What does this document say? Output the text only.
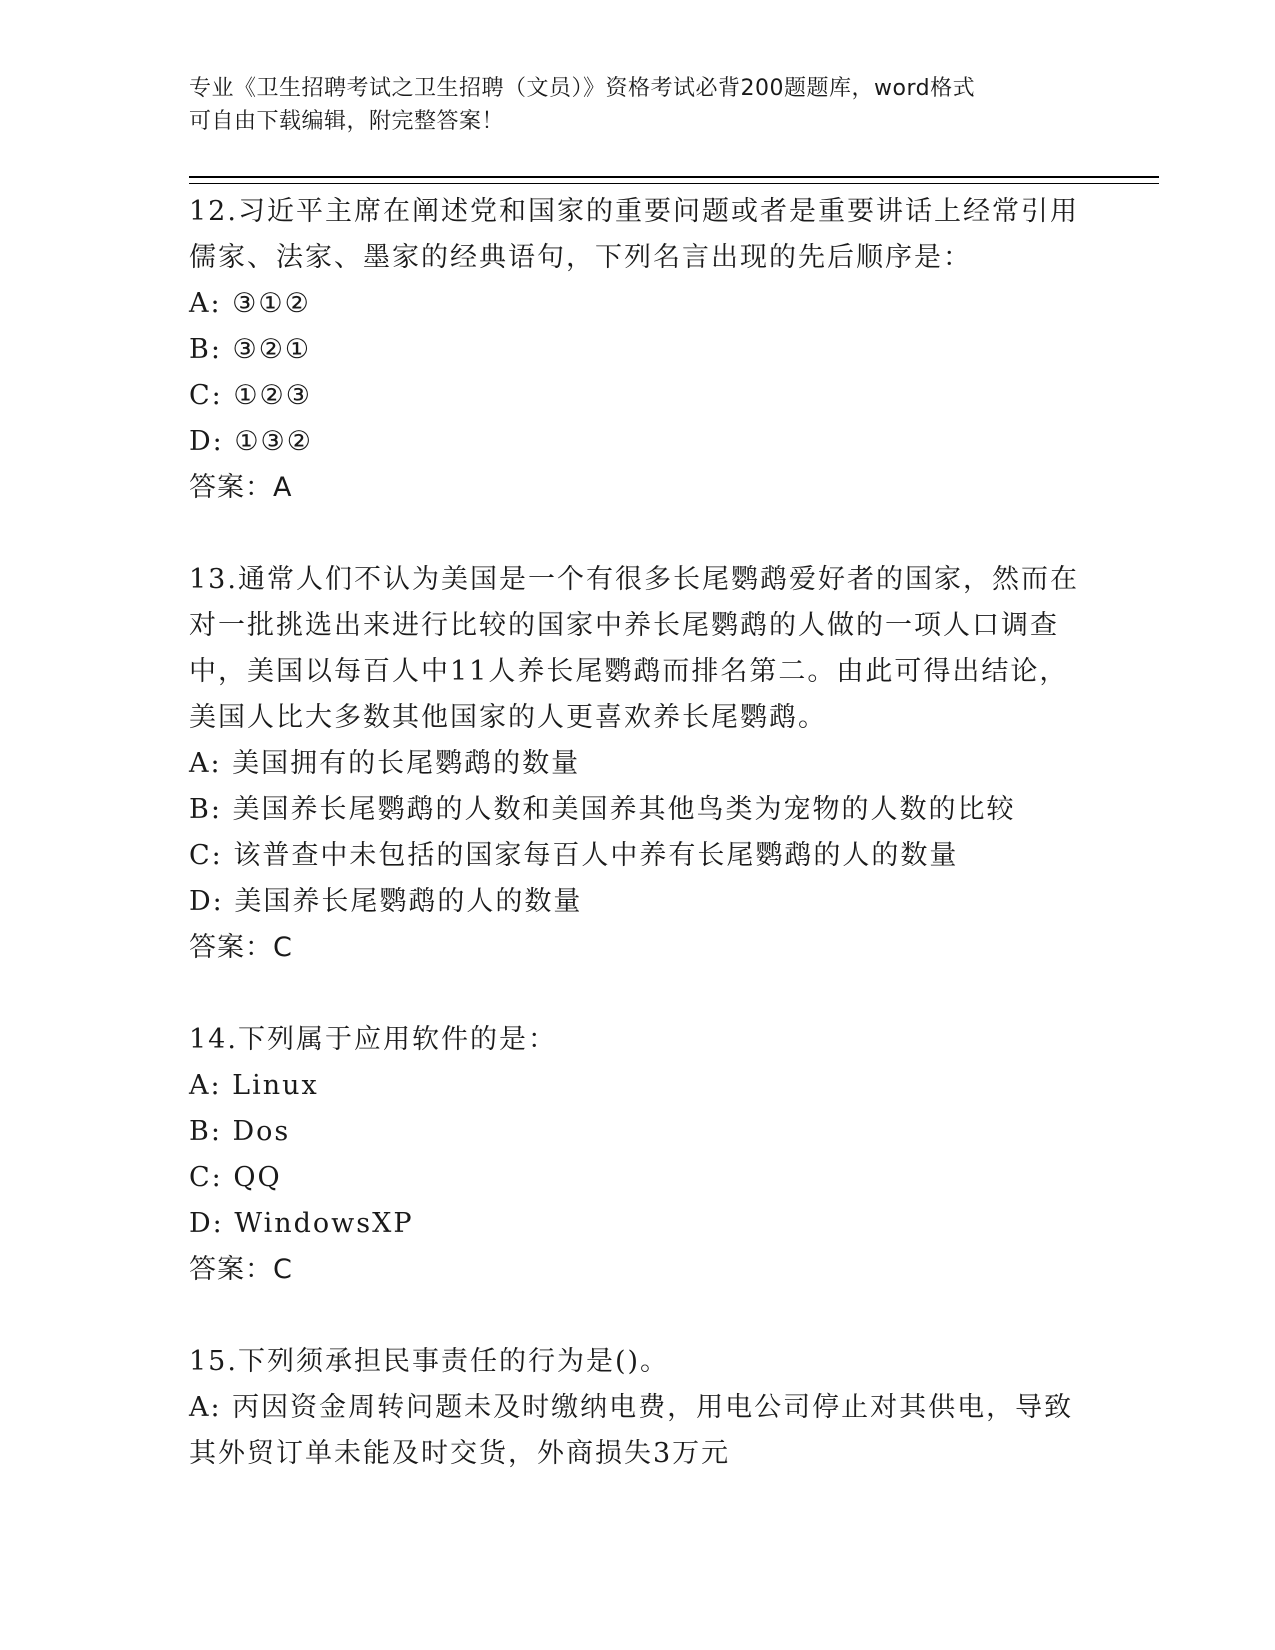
专业《卫生招聘考试之卫生招聘（文员）》资格考试必背200题题库，word格式
可自由下载编辑，附完整答案！
12.习近平主席在阐述党和国家的重要问题或者是重要讲话上经常引用
儒家、法家、墨家的经典语句，下列名言出现的先后顺序是：
A: ③①②
B: ③②①
C: ①②③
D: ①③②
答案：A
13.通常人们不认为美国是一个有很多长尾鹦鹉爱好者的国家，然而在
对一批挑选出来进行比较的国家中养长尾鹦鹉的人做的一项人口调查
中，美国以每百人中11人养长尾鹦鹉而排名第二。由此可得出结论，
美国人比大多数其他国家的人更喜欢养长尾鹦鹉。
A: 美国拥有的长尾鹦鹉的数量
B: 美国养长尾鹦鹉的人数和美国养其他鸟类为宠物的人数的比较
C: 该普查中未包括的国家每百人中养有长尾鹦鹉的人的数量
D: 美国养长尾鹦鹉的人的数量
答案：C
14.下列属于应用软件的是：
A: Linux
B: Dos
C: QQ
D: WindowsXP
答案：C
15.下列须承担民事责任的行为是()。
A: 丙因资金周转问题未及时缴纳电费，用电公司停止对其供电，导致
其外贸订单未能及时交货，外商损失3万元
